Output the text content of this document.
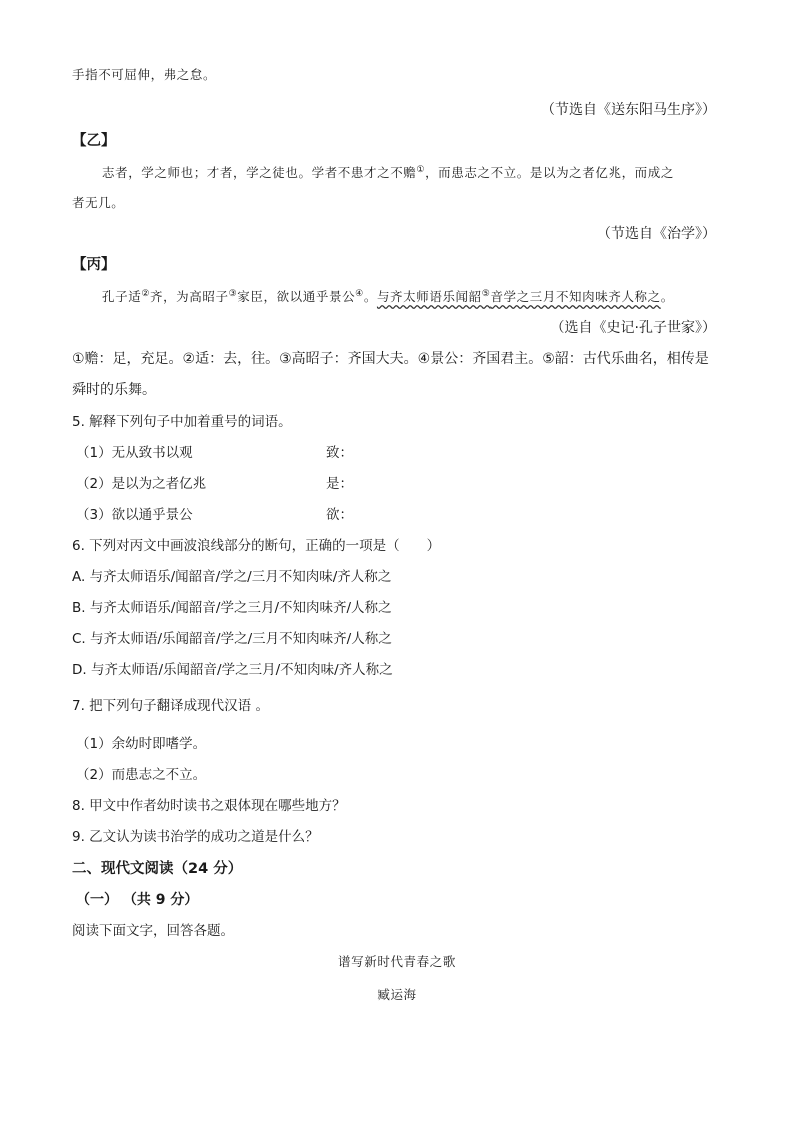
手指不可屈伸，弗之怠。
（节选自《送东阳马生序》）
【乙】
志者，学之师也；才者，学之徒也。学者不患才之不赡①，而患志之不立。是以为之者亿兆，而成之
者无几。
（节选自《治学》）
【丙】
孔子适②齐，为高昭子③家臣，欲以通乎景公④。与齐太师语乐闻韶⑤音学之三月不知肉味齐人称之。
（选自《史记·孔子世家》）
①赡：足，充足。②适：去，往。③高昭子：齐国大夫。④景公：齐国君主。⑤韶：古代乐曲名，相传是
舜时的乐舞。
5. 解释下列句子中加着重号的词语。
（1）无从致书以观	致：
（2）是以为之者亿兆	是：
（3）欲以通乎景公	欲：
6. 下列对丙文中画波浪线部分的断句，正确的一项是（　　）
A. 与齐太师语乐/闻韶音/学之/三月不知肉味/齐人称之
B. 与齐太师语乐/闻韶音/学之三月/不知肉味齐/人称之
C. 与齐太师语/乐闻韶音/学之/三月不知肉味齐/人称之
D. 与齐太师语/乐闻韶音/学之三月/不知肉味/齐人称之
7. 把下列句子翻译成现代汉语 。
（1）余幼时即嗜学。
（2）而患志之不立。
8. 甲文中作者幼时读书之艰体现在哪些地方？
9. 乙文认为读书治学的成功之道是什么？
二、现代文阅读（24 分）
（一） （共 9 分）
阅读下面文字，回答各题。
谱写新时代青春之歌
臧运海
